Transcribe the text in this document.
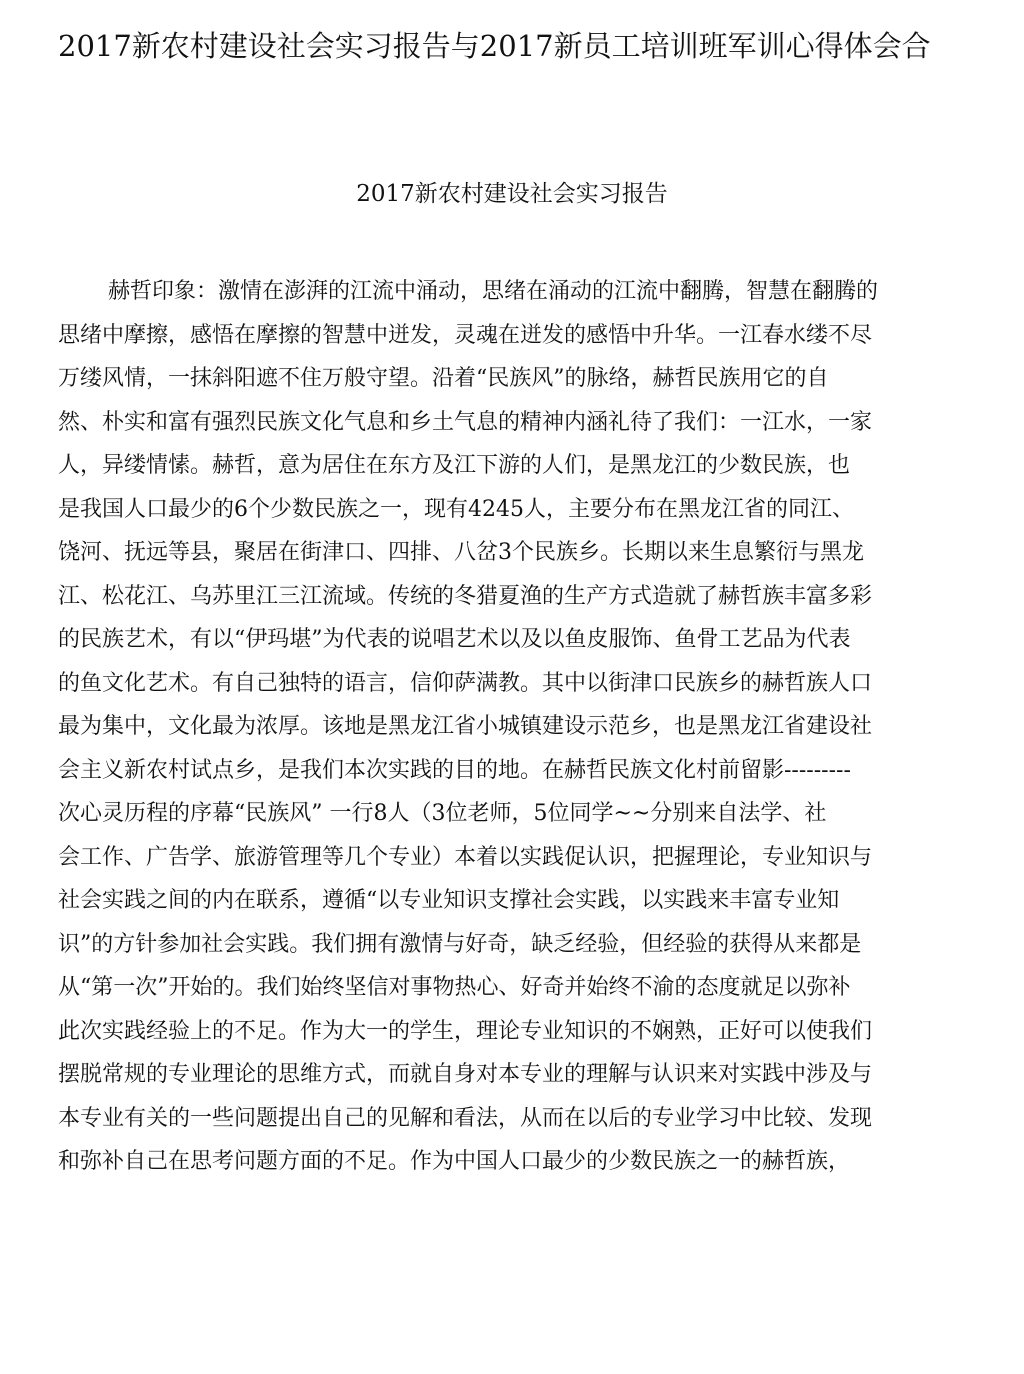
2017新农村建设社会实习报告与2017新员工培训班军训心得体会合
2017新农村建设社会实习报告
赫哲印象：激情在澎湃的江流中涌动，思绪在涌动的江流中翻腾，智慧在翻腾的
思绪中摩擦，感悟在摩擦的智慧中迸发，灵魂在迸发的感悟中升华。一江春水缕不尽
万缕风情，一抹斜阳遮不住万般守望。沿着“民族风”的脉络，赫哲民族用它的自
然、朴实和富有强烈民族文化气息和乡土气息的精神内涵礼待了我们：一江水，一家
人，异缕情愫。赫哲，意为居住在东方及江下游的人们，是黑龙江的少数民族，也
是我国人口最少的6个少数民族之一，现有4245人，主要分布在黑龙江省的同江、
饶河、抚远等县，聚居在街津口、四排、八岔3个民族乡。长期以来生息繁衍与黑龙
江、松花江、乌苏里江三江流域。传统的冬猎夏渔的生产方式造就了赫哲族丰富多彩
的民族艺术，有以“伊玛堪”为代表的说唱艺术以及以鱼皮服饰、鱼骨工艺品为代表
的鱼文化艺术。有自己独特的语言，信仰萨满教。其中以街津口民族乡的赫哲族人口
最为集中，文化最为浓厚。该地是黑龙江省小城镇建设示范乡，也是黑龙江省建设社
会主义新农村试点乡，是我们本次实践的目的地。在赫哲民族文化村前留影---------
次心灵历程的序幕“民族风” 一行8人（3位老师，5位同学~~分别来自法学、社
会工作、广告学、旅游管理等几个专业）本着以实践促认识，把握理论，专业知识与
社会实践之间的内在联系，遵循“以专业知识支撑社会实践，以实践来丰富专业知
识”的方针参加社会实践。我们拥有激情与好奇，缺乏经验，但经验的获得从来都是
从“第一次”开始的。我们始终坚信对事物热心、好奇并始终不渝的态度就足以弥补
此次实践经验上的不足。作为大一的学生，理论专业知识的不娴熟，正好可以使我们
摆脱常规的专业理论的思维方式，而就自身对本专业的理解与认识来对实践中涉及与
本专业有关的一些问题提出自己的见解和看法，从而在以后的专业学习中比较、发现
和弥补自己在思考问题方面的不足。作为中国人口最少的少数民族之一的赫哲族，
